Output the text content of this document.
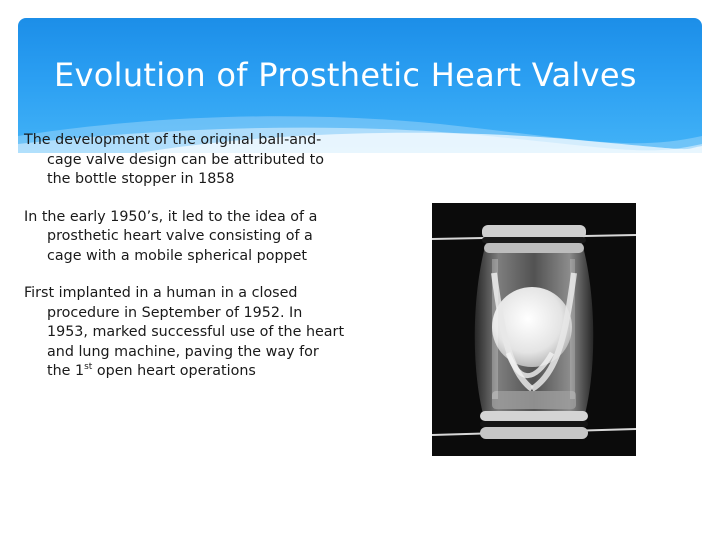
Evolution of Prosthetic Heart Valves

The development of the original ball-and-cage valve design can be attributed to the bottle stopper in 1858

In the early 1950’s, it led to the idea of a prosthetic heart valve consisting of a cage with a mobile spherical poppet

First implanted in a human in a closed procedure in September of 1952. In 1953, marked successful use of the heart and lung machine, paving the way for the 1st open heart operations
